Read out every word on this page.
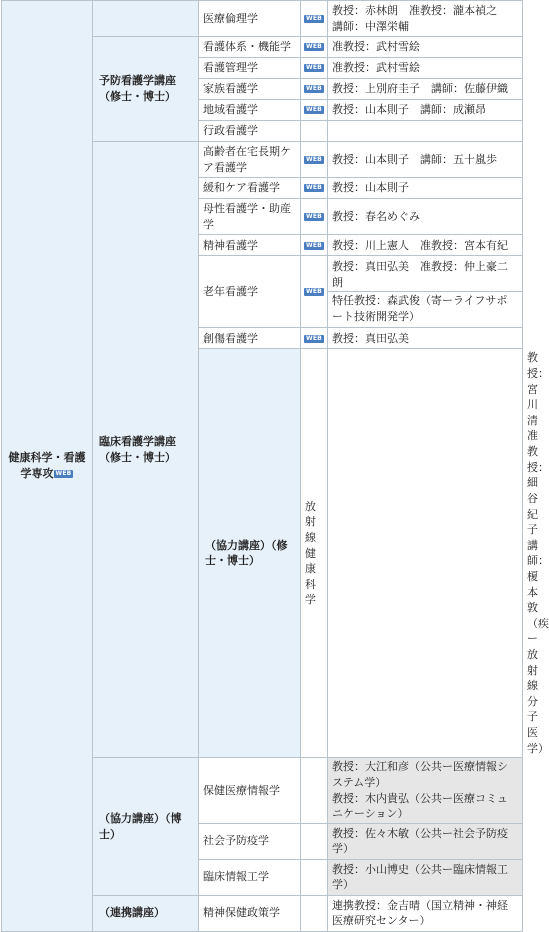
健康科学・看護学専攻 WEB		医療倫理学	WEB	教授：赤林朗　准教授：瀧本禎之
講師：中澤栄輔	

	予防看護学講座（修士・博士）	看護体系・機能学	WEB	准教授：武村雪絵	

		看護管理学	WEB	准教授：武村雪絵	

		家族看護学	WEB	教授：上別府圭子　講師：佐藤伊織	

		地域看護学	WEB	教授：山本則子　講師：成瀬昂	

		行政看護学			
	臨床看護学講座（修士・博士）	高齢者在宅長期ケア看護学	WEB	教授：山本則子　講師：五十嵐歩	

		緩和ケア看護学	WEB	教授：山本則子	

		母性看護学・助産学	WEB	教授：春名めぐみ	

		精神看護学	WEB	教授：川上憲人　准教授：宮本有紀	

		老年看護学	WEB	教授：真田弘美　准教授：仲上豪二朗
特任教授：森武俊（寄ーライフサポート技術開発学）	

		創傷看護学	WEB	教授：真田弘美	

		（協力講座）（修士・博士）	放射線健康科学		教授：宮川清　准教授：細谷紀子
講師：榎本敦
（疾ー放射線分子医学）

	（協力講座）（博士）	保健医療情報学		教授：大江和彦（公共ー医療情報システム学）
教授：木内貴弘（公共ー医療コミュニケーション）	

		社会予防疫学		教授：佐々木敏（公共ー社会予防疫学）	

		臨床情報工学		教授：小山博史（公共ー臨床情報工学）	

	（連携講座）	精神保健政策学		連携教授：金吉晴（国立精神・神経医療研究センター）	
